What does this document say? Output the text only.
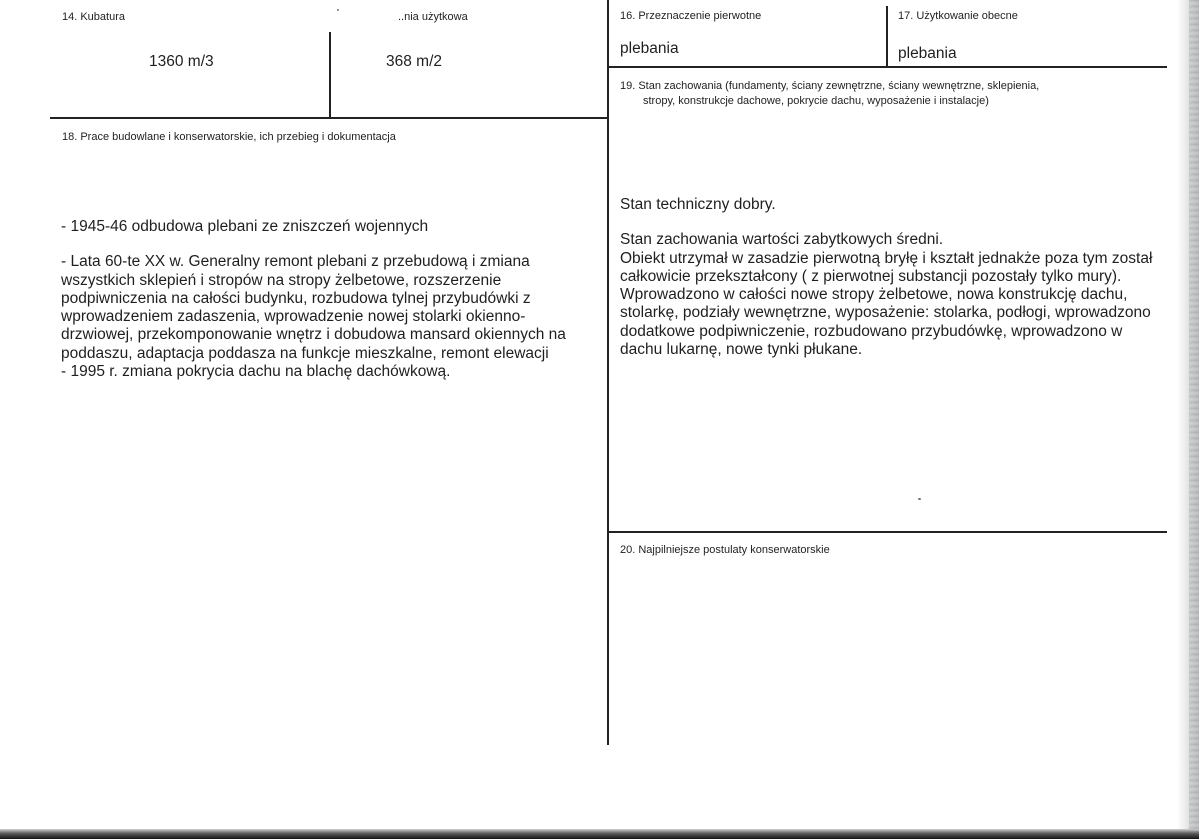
14. Kubatura
1360 m/3
..nia użytkowa
368 m/2
16. Przeznaczenie pierwotne
plebania
17. Użytkowanie obecne
plebania
19. Stan zachowania (fundamenty, ściany zewnętrzne, ściany wewnętrzne, sklepienia,
stropy, konstrukcje dachowe, pokrycie dachu, wyposażenie i instalacje)

Stan techniczny dobry.

Stan zachowania wartości zabytkowych średni.

Obiekt utrzymał w zasadzie pierwotną bryłę i kształt jednakże poza tym został całkowicie przekształcony ( z pierwotnej substancji pozostały tylko mury). Wprowadzono w całości nowe stropy żelbetowe, nowa konstrukcję dachu, stolarkę, podziały wewnętrzne, wyposażenie: stolarka, podłogi, wprowadzono dodatkowe podpiwniczenie, rozbudowano przybudówkę, wprowadzono w dachu lukarnę, nowe tynki płukane.

18. Prace budowlane i konserwatorskie, ich przebieg i dokumentacja

- 1945-46 odbudowa plebani ze zniszczeń wojennych

- Lata 60-te XX w. Generalny remont plebani z przebudową i zmiana wszystkich sklepień i stropów na stropy żelbetowe, rozszerzenie podpiwniczenia na całości budynku, rozbudowa tylnej przybudówki z wprowadzeniem zadaszenia, wprowadzenie nowej stolarki okienno-drzwiowej, przekomponowanie wnętrz i dobudowa mansard okiennych na poddaszu, adaptacja poddasza na funkcje mieszkalne, remont elewacji

- 1995 r. zmiana pokrycia dachu na blachę dachówkową.

20. Najpilniejsze postulaty konserwatorskie
